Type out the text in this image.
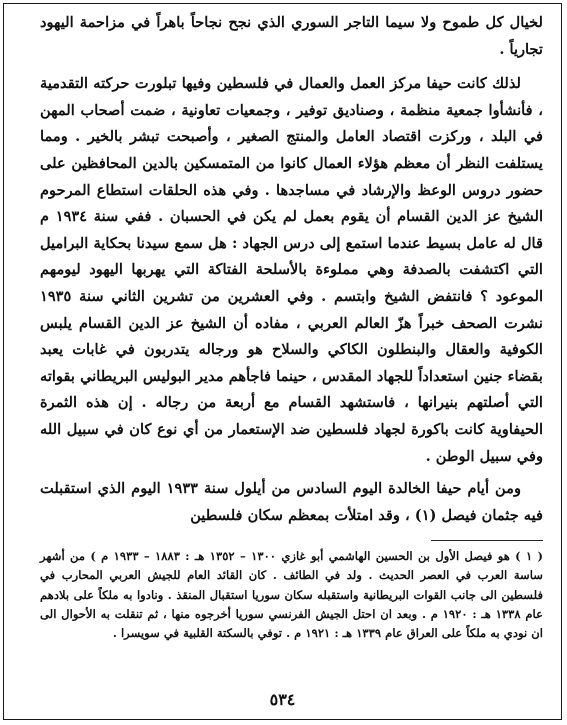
لخيال كل طموح ولا سيما التاجر السوري الذي نجح نجاحاً باهراً في مزاحمة اليهود تجارياً .

لذلك كانت حيفا مركز العمل والعمال في فلسطين وفيها تبلورت حركته التقدمية ، فأنشأوا جمعية منظمة ، وصناديق توفير ، وجمعيات تعاونية ، ضمت أصحاب المهن في البلد ، وركزت اقتصاد العامل والمنتج الصغير ، وأصبحت تبشر بالخير . ومما يستلفت النظر أن معظم هؤلاء العمال كانوا من المتمسكين بالدين المحافظين على حضور دروس الوعظ والإرشاد في مساجدها . وفي هذه الحلقات استطاع المرحوم الشيخ عز الدين القسام أن يقوم بعمل لم يكن في الحسبان . ففي سنة ١٩٣٤ م قال له عامل بسيط عندما استمع إلى درس الجهاد : هل سمع سيدنا بحكاية البراميل التي اكتشفت بالصدفة وهي مملوءة بالأسلحة الفتاكة التي يهربها اليهود ليومهم الموعود ؟ فانتفض الشيخ وابتسم . وفي العشرين من تشرين الثاني سنة ١٩٣٥ نشرت الصحف خبراً هزّ العالم العربي ، مفاده أن الشيخ عز الدين القسام يلبس الكوفية والعقال والبنطلون الكاكي والسلاح هو ورجاله يتدربون في غابات يعبد بقضاء جنين استعداداً للجهاد المقدس ، حينما فاجأهم مدير البوليس البريطاني بقواته التي أصلتهم بنيرانها ، فاستشهد القسام مع أربعة من رجاله . إن هذه الثمرة الحيفاوية كانت باكورة لجهاد فلسطين ضد الإستعمار من أي نوع كان في سبيل الله وفي سبيل الوطن .

ومن أيام حيفا الخالدة اليوم السادس من أيلول سنة ١٩٣٣ اليوم الذي استقبلت فيه جثمان فيصل (١) ، وقد امتلأت بمعظم سكان فلسطين

( ١ ) هو فيصل الأول بن الحسين الهاشمي أبو غازي ١٣٠٠ – ١٣٥٢ هـ : ١٨٨٣ – ١٩٣٣ م ) من أشهر ساسة العرب في العصر الحديث . ولد في الطائف . كان القائد العام للجيش العربي المحارب في فلسطين الى جانب القوات البريطانية واستقبله سكان سوريا استقبال المنقذ . ونادوا به ملكاً على بلادهم عام ١٣٣٨ هـ : ١٩٢٠ م . وبعد ان احتل الجيش الفرنسي سوريا أخرجوه منها ، ثم تنقلت به الأحوال الى ان نودي به ملكاً على العراق عام ١٣٣٩ هـ : ١٩٢١ م . توفي بالسكتة القلبية في سويسرا .

٥٣٤
